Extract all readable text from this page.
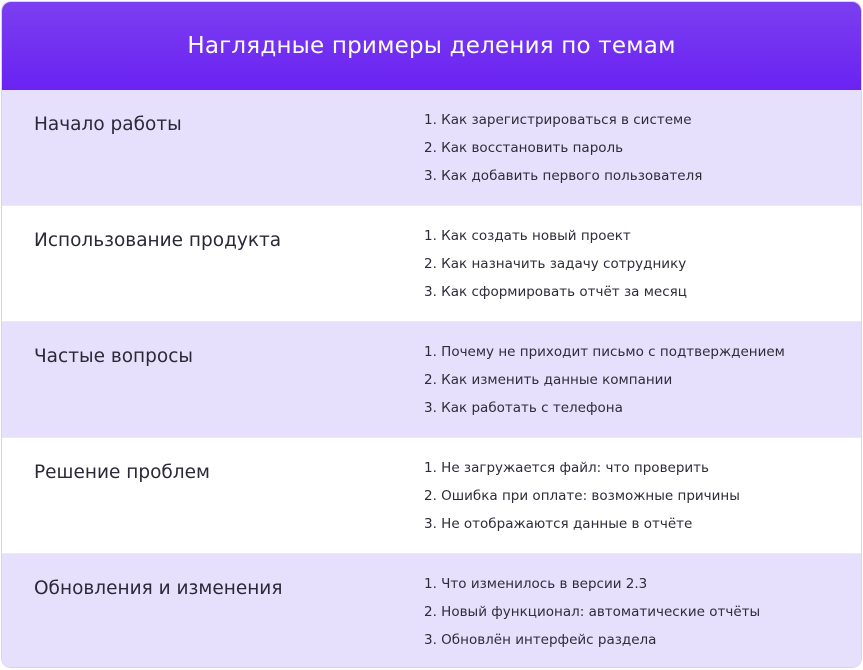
Наглядные примеры деления по темам
Начало работы	1. Как зарегистрироваться в системе
2. Как восстановить пароль
3. Как добавить первого пользователя
Использование продукта	1. Как создать новый проект
2. Как назначить задачу сотруднику
3. Как сформировать отчёт за месяц
Частые вопросы	1. Почему не приходит письмо с подтверждением
2. Как изменить данные компании
3. Как работать с телефона
Решение проблем	1. Не загружается файл: что проверить
2. Ошибка при оплате: возможные причины
3. Не отображаются данные в отчёте
Обновления и изменения	1. Что изменилось в версии 2.3
2. Новый функционал: автоматические отчёты
3. Обновлён интерфейс раздела
